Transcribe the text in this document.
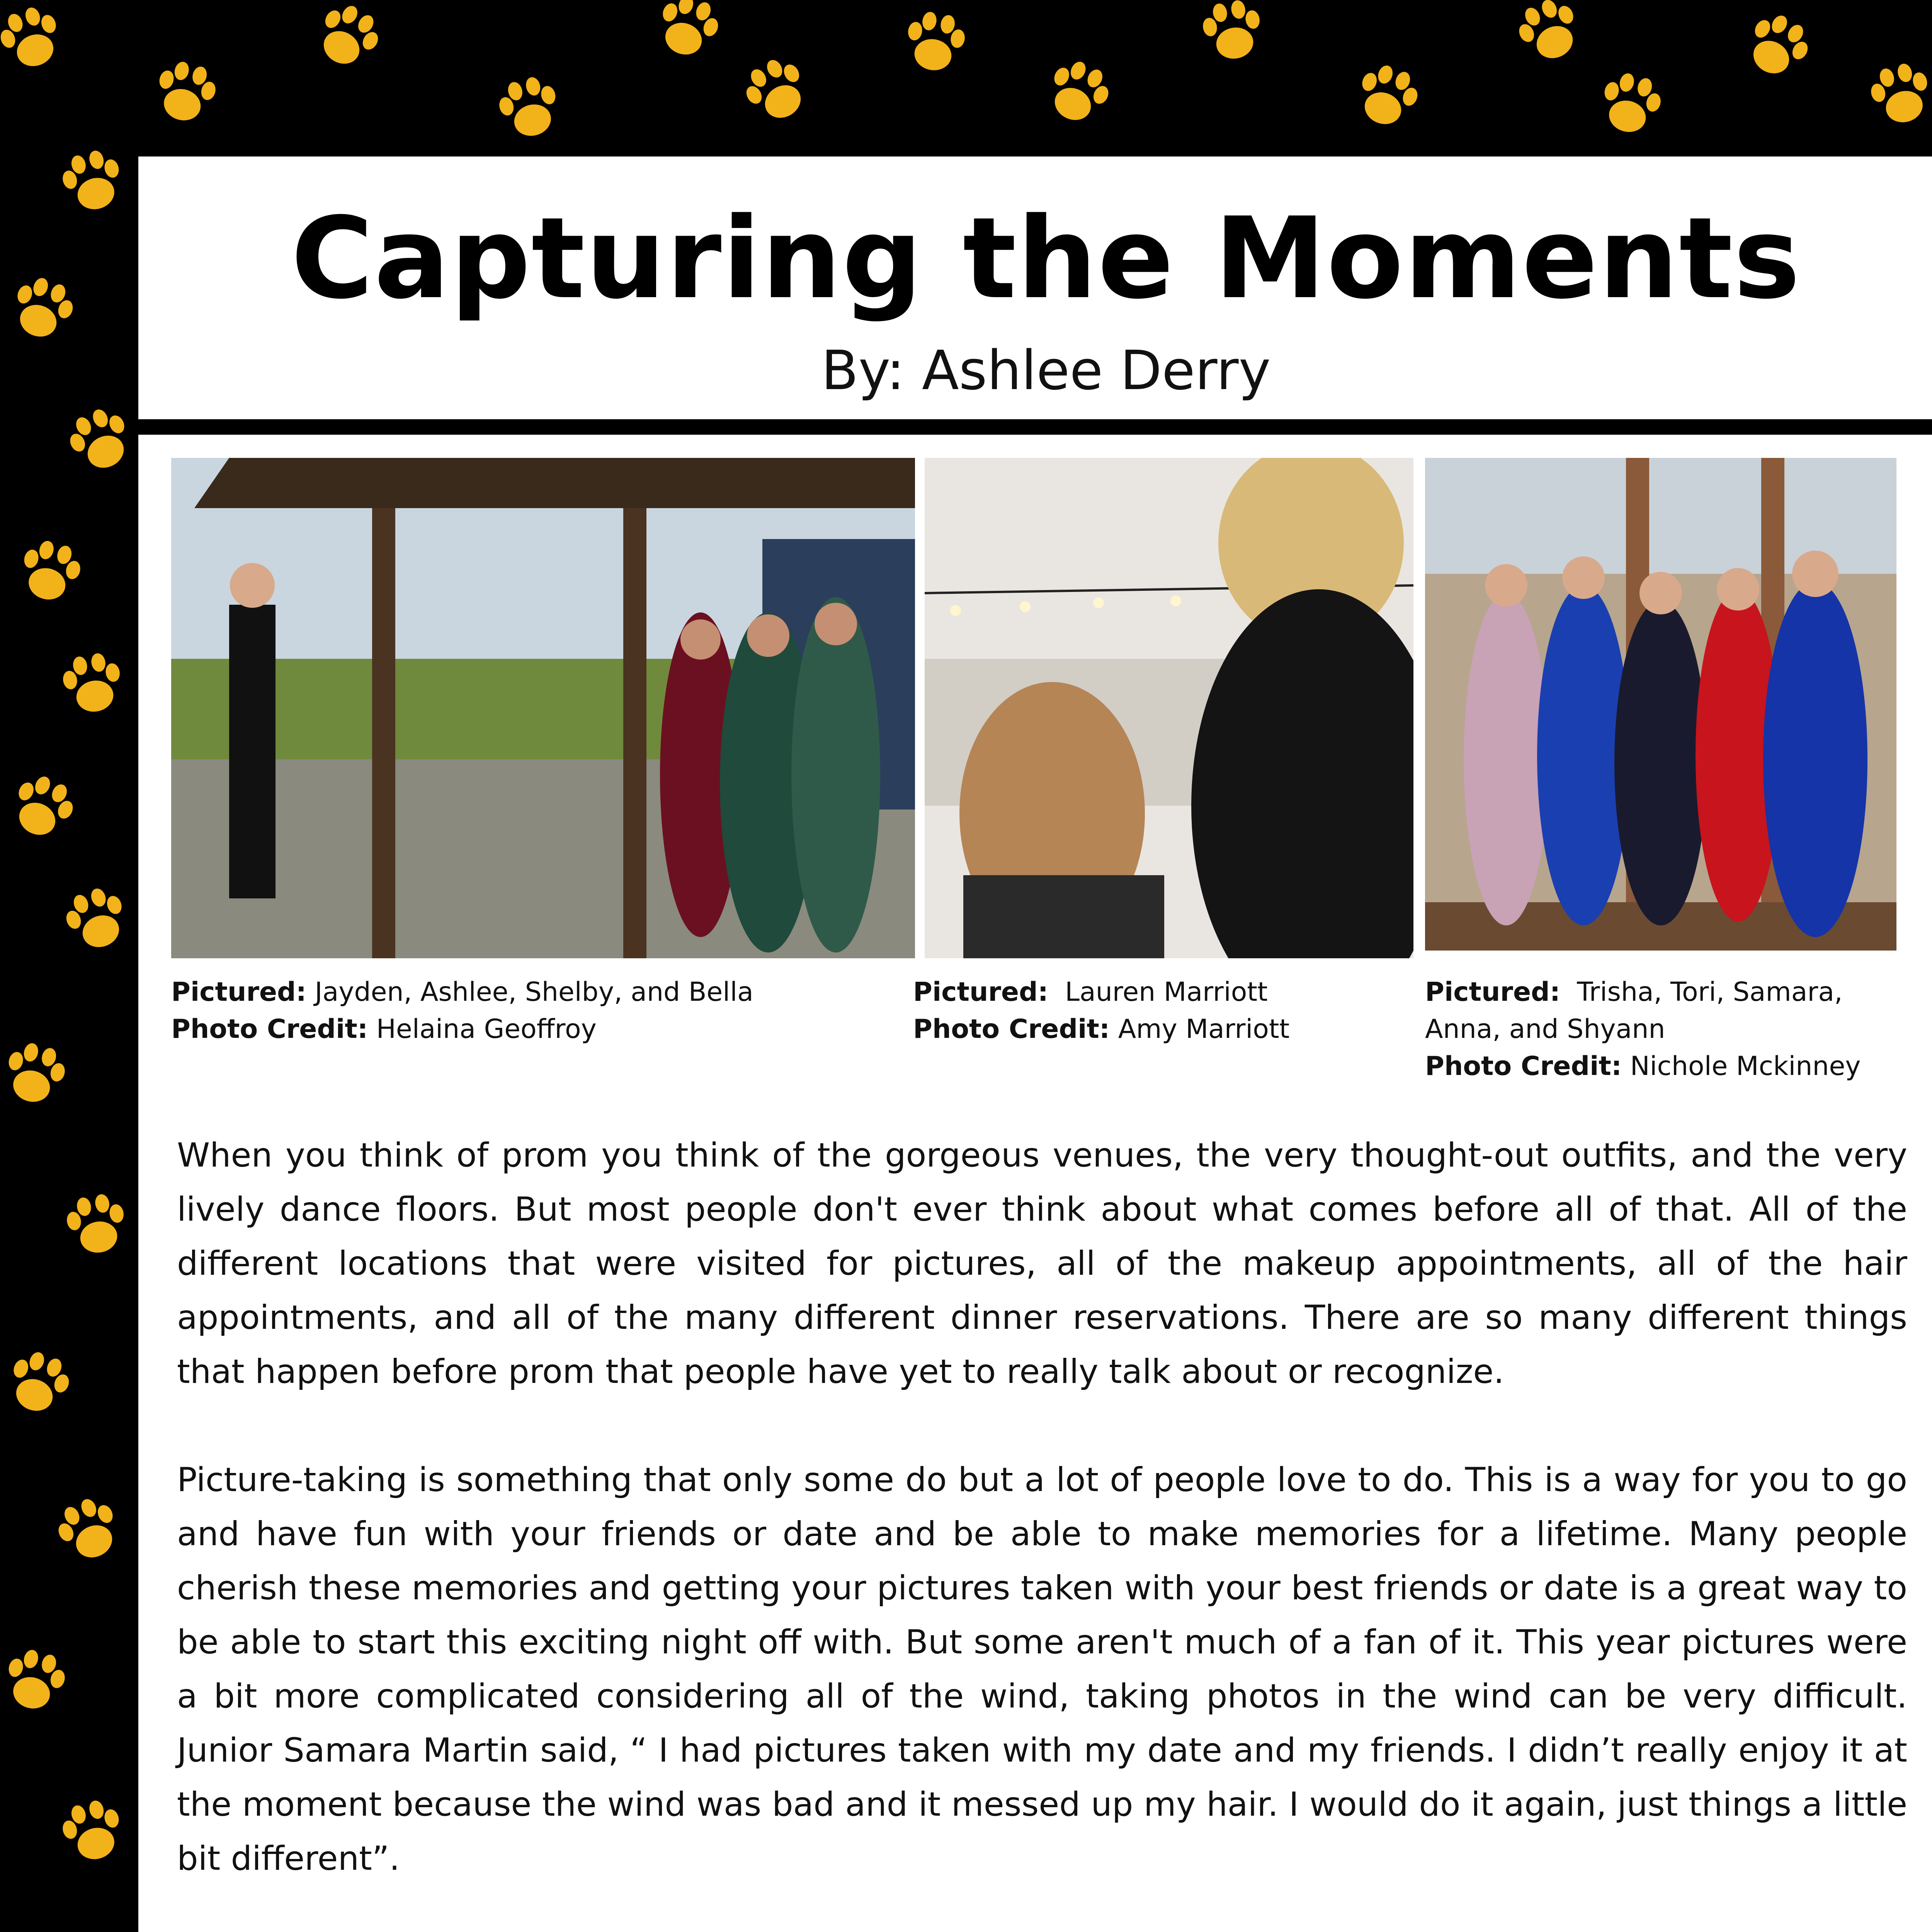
Capturing the Moments
By: Ashlee Derry
Pictured: Jayden, Ashlee, Shelby, and Bella
Photo Credit: Helaina Geoffroy
Pictured: Lauren Marriott
Photo Credit: Amy Marriott
Pictured: Trisha, Tori, Samara, Anna, and Shyann
Photo Credit: Nichole Mckinney

When you think of prom you think of the gorgeous venues, the very thought-out outfits, and the very lively dance floors. But most people don't ever think about what comes before all of that. All of the different locations that were visited for pictures, all of the makeup appointments, all of the hair appointments, and all of the many different dinner reservations. There are so many different things that happen before prom that people have yet to really talk about or recognize.

Picture-taking is something that only some do but a lot of people love to do. This is a way for you to go and have fun with your friends or date and be able to make memories for a lifetime. Many people cherish these memories and getting your pictures taken with your best friends or date is a great way to be able to start this exciting night off with. But some aren't much of a fan of it. This year pictures were a bit more complicated considering all of the wind, taking photos in the wind can be very difficult. Junior Samara Martin said, “ I had pictures taken with my date and my friends. I didn’t really enjoy it at the moment because the wind was bad and it messed up my hair. I would do it again, just things a little bit different”.
